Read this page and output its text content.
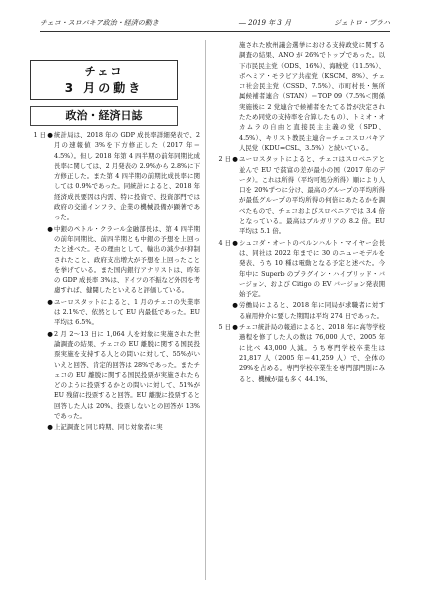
チェコ・スロバキア政治・経済の動き	― 2019 年 3 月	ジェトロ・プラハ
チェコ
3 月の動き
政治・経済日誌
1 日 ● 統計局は、2018 年の GDP 成長率詳細発表で、2 月の速報値 3%を下方修正した（2017 年＝4.5%）。但し 2018 年第 4 四半期の前年同期比成長率に関しては、2 月発表の 2.9%から 2.8%に下方修正した。また第 4 四半期の前期比成長率に関しては 0.9%であった。同統計によると、2018 年経済成長要因は内需、特に投資で、投資部門では政府の交通インフラ、企業の機械設備が顕著であった。
● 中銀のペトル・クラール金融部長は、第 4 四半期の前年同期比、前四半期とも中銀の予想を上回ったと述べた。その理由として、輸出の減少が抑制されたこと、政府支出増大が予想を上回ったことを挙げている。また国内銀行アナリストは、昨年の GDP 成長率 3%は、ドイツの不振など外因を考慮すれば、健闘したといえると評価している。
● ユーロスタットによると、1 月のチェコの失業率は 2.1%で、依然として EU 内最低であった。EU 平均は 6.5%。
● 2 月 2～13 日に 1,064 人を対象に実施された世論調査の結果、チェコの EU 離脱に関する国民投票実施を支持する人との問いに対して、55%がいいえと回答、肯定的回答は 28%であった。またチェコの EU 離脱に関する国民投票が実施されたらどのように投票するかとの問いに対して、51%が EU 残留に投票すると回答。EU 離脱に投票すると回答した人は 20%、投票しないとの回答が 13%であった。
● 上記調査と同じ時期、同じ対象者に実
施された欧州議会選挙における支持政党に関する調査の結果、ANO が 26%でトップであった。以下市民民主党（ODS、16%）、海賊党（11.5%）、ボヘミア・モラビア共産党（KSCM、8%）、チェコ社会民主党（CSSD、7.5%）、市町村長・無所属候補者連合（STAN）＝TOP 09（7.5%＜関係実施後に 2 党連合で候補者をたてる旨が決定されたため同党の支持率を合算したもの）、トミオ・オカムラの自由と直接民主主義の党（SPD、4.5%）、キリスト教民主連合＝チェコスロバキア人民党（KDU=CSL、3.5%）と続いている。
2 日 ● ユーロスタットによると、チェコはスロベニアと並んで EU で貧富の差が最小の国（2017 年のデータ）。これは所得（平均可処分所得）順により人口を 20%ずつに分け、最高のグループの平均所得が最低グループの平均所得の何倍にあたるかを調べたもので、チェコおよびスロベニアでは 3.4 倍となっている。最高はブルガリアの 8.2 倍。EU 平均は 5.1 倍。
4 日 ● シュコダ・オートのベルンハルト・マイヤー会長は、同社は 2022 年までに 30 のニューモデルを発表、うち 10 種は電動となる予定と述べた。今年中に Superb のプラグイン・ハイブリッド・バージョン、および Citigo の EV バージョン発表開始予定。
● 労働局によると、2018 年に同局が求職者に対する雇用仲介に要した期間は平均 274 日であった。
5 日 ● チェコ統計局の報道によると、2018 年に高等学校過程を修了した人の数は 76,000 人で、2005 年に比べ 43,000 人減。うち専門学校卒業生は 21,817 人（2005 年＝41,259 人）で、全体の 29%を占める。専門学校卒業生を専門部門別にみると、機械が最も多く 44.1%、
